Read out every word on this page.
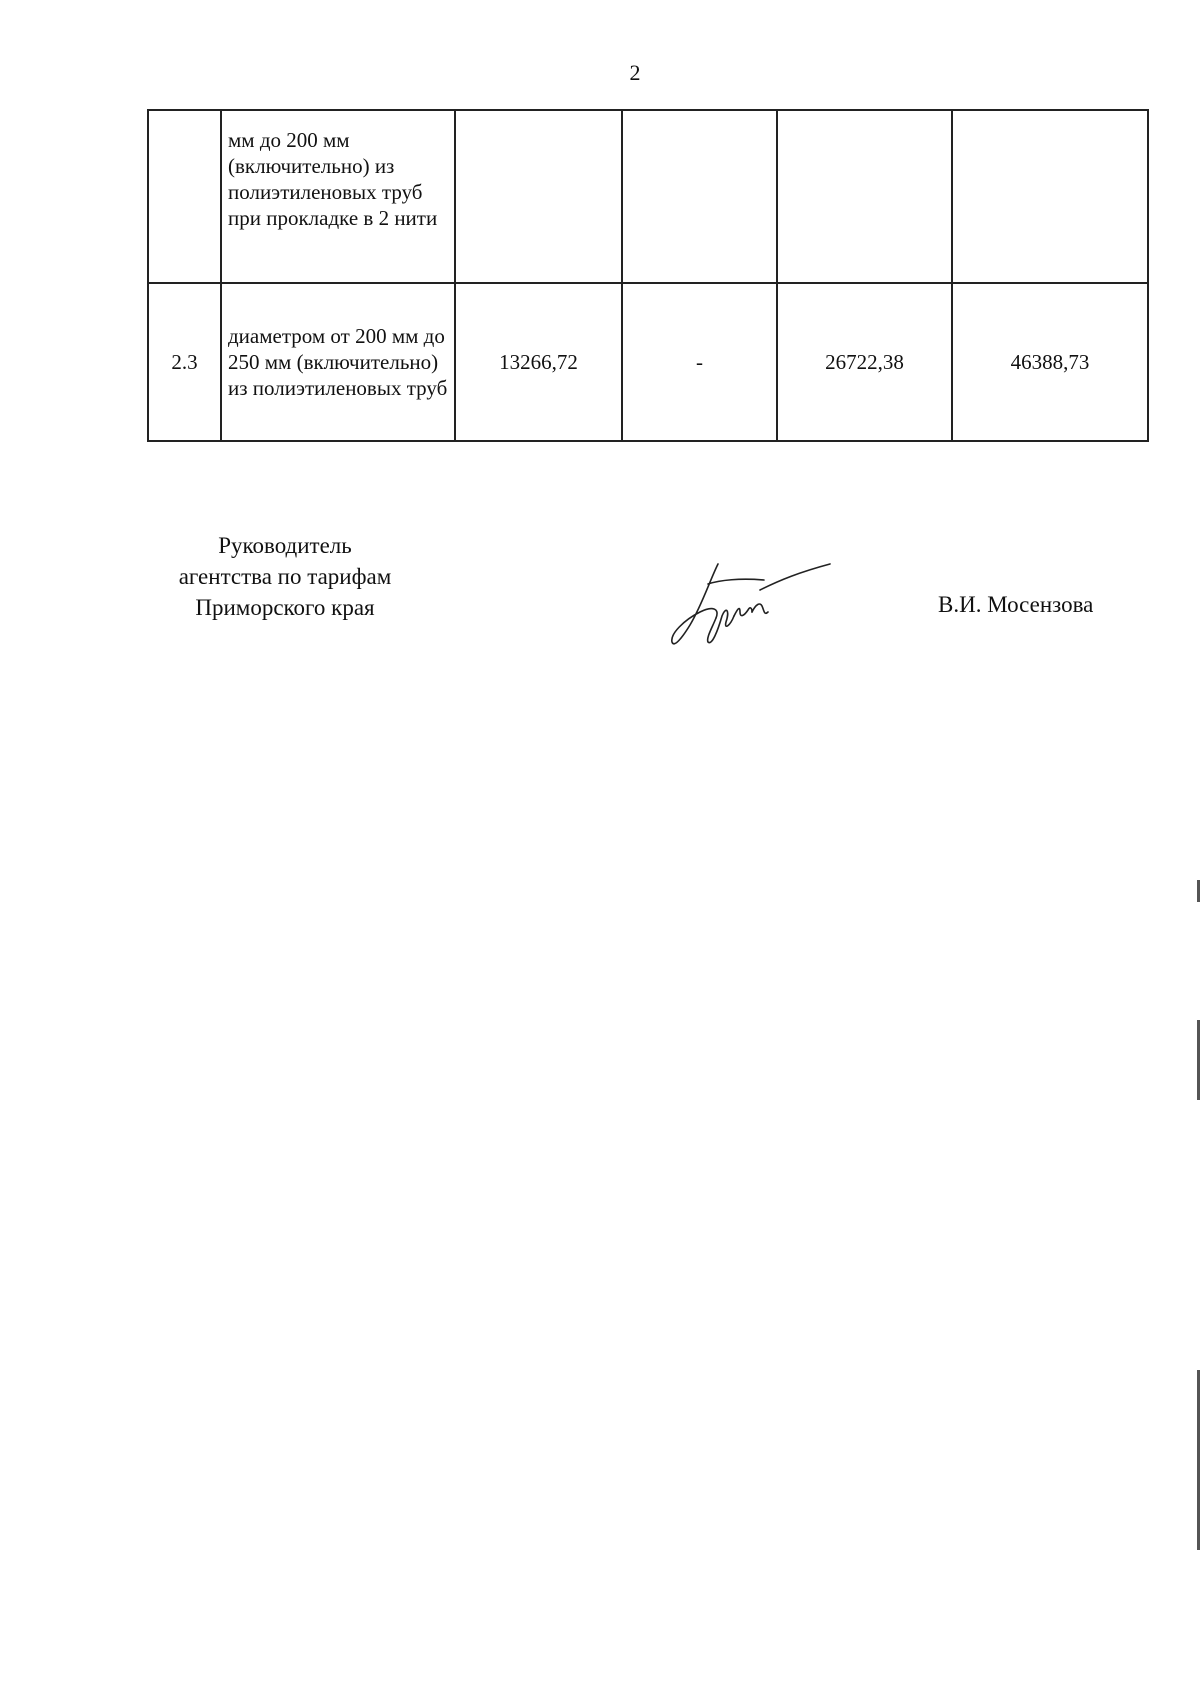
2
	мм до 200 мм (включительно) из полиэтиленовых труб при прокладке в 2 нити				
2.3	диаметром от 200 мм до 250 мм (включительно) из полиэтиленовых труб	13266,72	-	26722,38	46388,73
Руководитель
агентства по тарифам
Приморского края	В.И. Мосензова
